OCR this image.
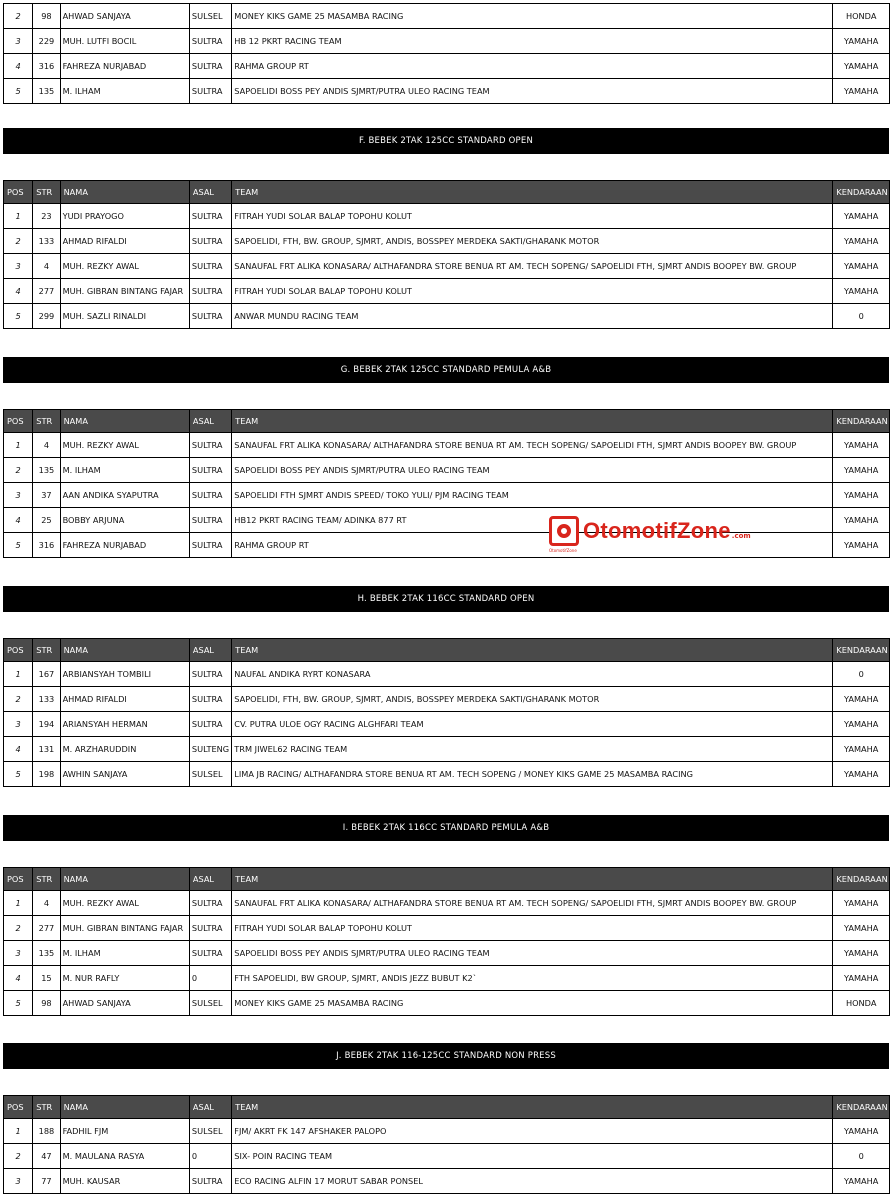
2	98	AHWAD SANJAYA	SULSEL	MONEY KIKS GAME 25 MASAMBA RACING	HONDA
3	229	MUH. LUTFI BOCIL	SULTRA	HB 12 PKRT RACING TEAM	YAMAHA
4	316	FAHREZA NURJABAD	SULTRA	RAHMA GROUP RT	YAMAHA
5	135	M. ILHAM	SULTRA	SAPOELIDI BOSS PEY ANDIS SJMRT/PUTRA ULEO RACING TEAM	YAMAHA
F. BEBEK 2TAK 125CC STANDARD OPEN
POS	STR	NAMA	ASAL	TEAM	KENDARAAN
1	23	YUDI PRAYOGO	SULTRA	FITRAH YUDI SOLAR BALAP TOPOHU KOLUT	YAMAHA
2	133	AHMAD RIFALDI	SULTRA	SAPOELIDI, FTH, BW. GROUP, SJMRT, ANDIS, BOSSPEY MERDEKA SAKTI/GHARANK MOTOR	YAMAHA
3	4	MUH. REZKY AWAL	SULTRA	SANAUFAL FRT ALIKA KONASARA/ ALTHAFANDRA STORE BENUA RT AM. TECH SOPENG/ SAPOELIDI FTH, SJMRT ANDIS BOOPEY BW. GROUP	YAMAHA
4	277	MUH. GIBRAN BINTANG FAJAR	SULTRA	FITRAH YUDI SOLAR BALAP TOPOHU KOLUT	YAMAHA
5	299	MUH. SAZLI RINALDI	SULTRA	ANWAR MUNDU RACING TEAM	0
G. BEBEK 2TAK 125CC STANDARD PEMULA A&B
POS	STR	NAMA	ASAL	TEAM	KENDARAAN
1	4	MUH. REZKY AWAL	SULTRA	SANAUFAL FRT ALIKA KONASARA/ ALTHAFANDRA STORE BENUA RT AM. TECH SOPENG/ SAPOELIDI FTH, SJMRT ANDIS BOOPEY BW. GROUP	YAMAHA
2	135	M. ILHAM	SULTRA	SAPOELIDI BOSS PEY ANDIS SJMRT/PUTRA ULEO RACING TEAM	YAMAHA
3	37	AAN ANDIKA SYAPUTRA	SULTRA	SAPOELIDI FTH SJMRT ANDIS SPEED/ TOKO YULI/ PJM RACING TEAM	YAMAHA
4	25	BOBBY ARJUNA	SULTRA	HB12 PKRT RACING TEAM/ ADINKA 877 RT	YAMAHA
5	316	FAHREZA NURJABAD	SULTRA	RAHMA GROUP RT	YAMAHA
H. BEBEK 2TAK 116CC STANDARD OPEN
POS	STR	NAMA	ASAL	TEAM	KENDARAAN
1	167	ARBIANSYAH TOMBILI	SULTRA	NAUFAL ANDIKA RYRT KONASARA	0
2	133	AHMAD RIFALDI	SULTRA	SAPOELIDI, FTH, BW. GROUP, SJMRT, ANDIS, BOSSPEY MERDEKA SAKTI/GHARANK MOTOR	YAMAHA
3	194	ARIANSYAH HERMAN	SULTRA	CV. PUTRA ULOE OGY RACING ALGHFARI TEAM	YAMAHA
4	131	M. ARZHARUDDIN	SULTENG	TRM JIWEL62 RACING TEAM	YAMAHA
5	198	AWHIN SANJAYA	SULSEL	LIMA JB RACING/ ALTHAFANDRA STORE BENUA RT AM. TECH SOPENG / MONEY KIKS GAME 25 MASAMBA RACING	YAMAHA
I. BEBEK 2TAK 116CC STANDARD PEMULA A&B
POS	STR	NAMA	ASAL	TEAM	KENDARAAN
1	4	MUH. REZKY AWAL	SULTRA	SANAUFAL FRT ALIKA KONASARA/ ALTHAFANDRA STORE BENUA RT AM. TECH SOPENG/ SAPOELIDI FTH, SJMRT ANDIS BOOPEY BW. GROUP	YAMAHA
2	277	MUH. GIBRAN BINTANG FAJAR	SULTRA	FITRAH YUDI SOLAR BALAP TOPOHU KOLUT	YAMAHA
3	135	M. ILHAM	SULTRA	SAPOELIDI BOSS PEY ANDIS SJMRT/PUTRA ULEO RACING TEAM	YAMAHA
4	15	M. NUR RAFLY	0	FTH SAPOELIDI, BW GROUP, SJMRT, ANDIS JEZZ BUBUT K2`	YAMAHA
5	98	AHWAD SANJAYA	SULSEL	MONEY KIKS GAME 25 MASAMBA RACING	HONDA
J. BEBEK 2TAK 116-125CC STANDARD NON PRESS
POS	STR	NAMA	ASAL	TEAM	KENDARAAN
1	188	FADHIL FJM	SULSEL	FJM/ AKRT FK 147 AFSHAKER PALOPO	YAMAHA
2	47	M. MAULANA RASYA	0	SIX- POIN RACING TEAM	0
3	77	MUH. KAUSAR	SULTRA	ECO RACING ALFIN 17 MORUT SABAR PONSEL	YAMAHA
OtomotifZone .com
OtomotifZone
